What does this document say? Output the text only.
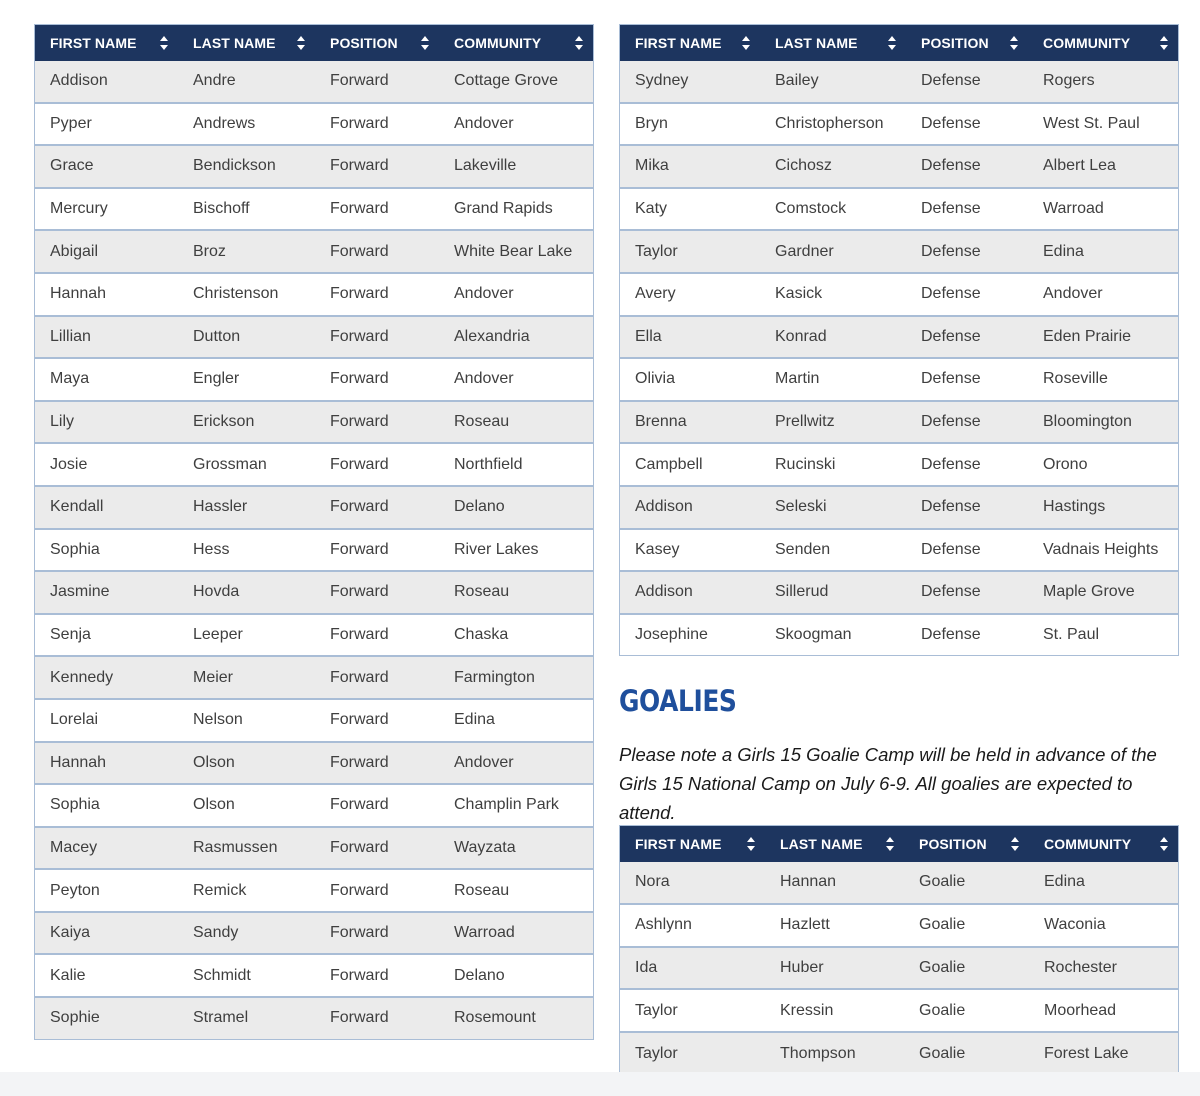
FIRST NAME	LAST NAME	POSITION	COMMUNITY

Addison	Andre	Forward	Cottage Grove
Pyper	Andrews	Forward	Andover
Grace	Bendickson	Forward	Lakeville
Mercury	Bischoff	Forward	Grand Rapids
Abigail	Broz	Forward	White Bear Lake
Hannah	Christenson	Forward	Andover
Lillian	Dutton	Forward	Alexandria
Maya	Engler	Forward	Andover
Lily	Erickson	Forward	Roseau
Josie	Grossman	Forward	Northfield
Kendall	Hassler	Forward	Delano
Sophia	Hess	Forward	River Lakes
Jasmine	Hovda	Forward	Roseau
Senja	Leeper	Forward	Chaska
Kennedy	Meier	Forward	Farmington
Lorelai	Nelson	Forward	Edina
Hannah	Olson	Forward	Andover
Sophia	Olson	Forward	Champlin Park
Macey	Rasmussen	Forward	Wayzata
Peyton	Remick	Forward	Roseau
Kaiya	Sandy	Forward	Warroad
Kalie	Schmidt	Forward	Delano
Sophie	Stramel	Forward	Rosemount
FIRST NAME	LAST NAME	POSITION	COMMUNITY

Sydney	Bailey	Defense	Rogers
Bryn	Christopherson	Defense	West St. Paul
Mika	Cichosz	Defense	Albert Lea
Katy	Comstock	Defense	Warroad
Taylor	Gardner	Defense	Edina
Avery	Kasick	Defense	Andover
Ella	Konrad	Defense	Eden Prairie
Olivia	Martin	Defense	Roseville
Brenna	Prellwitz	Defense	Bloomington
Campbell	Rucinski	Defense	Orono
Addison	Seleski	Defense	Hastings
Kasey	Senden	Defense	Vadnais Heights
Addison	Sillerud	Defense	Maple Grove
Josephine	Skoogman	Defense	St. Paul
GOALIES

Please note a Girls 15 Goalie Camp will be held in advance of the Girls 15 National Camp on July 6-9. All goalies are expected to attend.

FIRST NAME	LAST NAME	POSITION	COMMUNITY

Nora	Hannan	Goalie	Edina
Ashlynn	Hazlett	Goalie	Waconia
Ida	Huber	Goalie	Rochester
Taylor	Kressin	Goalie	Moorhead
Taylor	Thompson	Goalie	Forest Lake
